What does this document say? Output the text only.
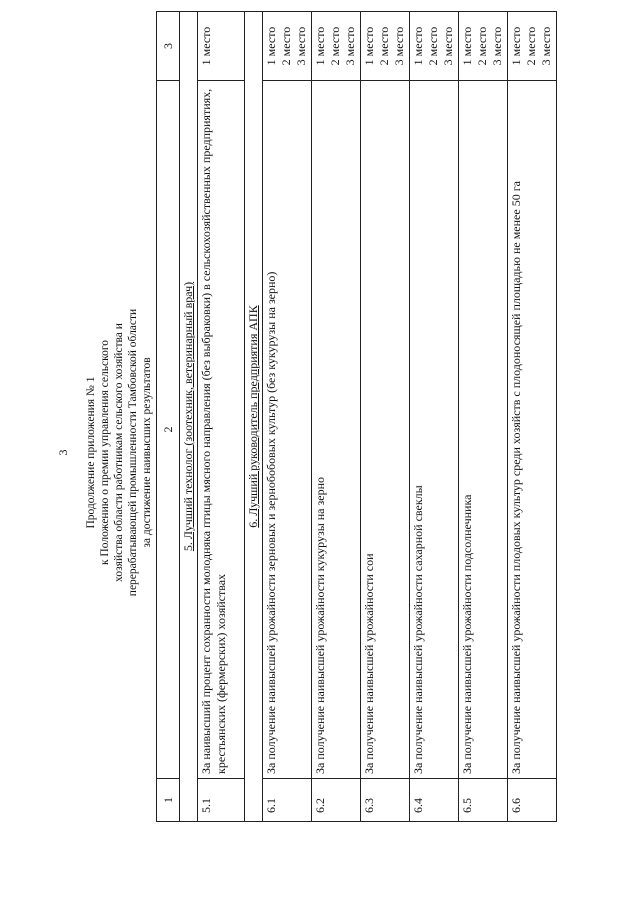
3 Продолжение приложения № 1 к Положению о премии управления сельского хозяйства области работникам сельского хозяйства и перерабатывающей промышленности Тамбовской области за достижение наивысших результатов
1	2	3
5. Лучший технолог (зоотехник, ветеринарный врач)		
5.1	За наивысший процент сохранности молодняка птицы мясного направления (без выбраковки) в сельскохозяйственных предприятиях, крестьянских (фермерских) хозяйствах	1 место

6. Лучший руководитель предприятия АПК		
6.1	За получение наивысшей урожайности зерновых и зернобобовых культур (без кукурузы на зерно)	1 место 2 место 3 место

6.2	За получение наивысшей урожайности кукурузы на зерно	1 место 2 место 3 место

6.3	За получение наивысшей урожайности сои	1 место 2 место 3 место

6.4	За получение наивысшей урожайности сахарной свеклы	1 место 2 место 3 место

6.5	За получение наивысшей урожайности подсолнечника	1 место 2 место 3 место

6.6	За получение наивысшей урожайности плодовых культур среди хозяйств с плодоносящей площадью не менее 50 га	1 место 2 место 3 место
